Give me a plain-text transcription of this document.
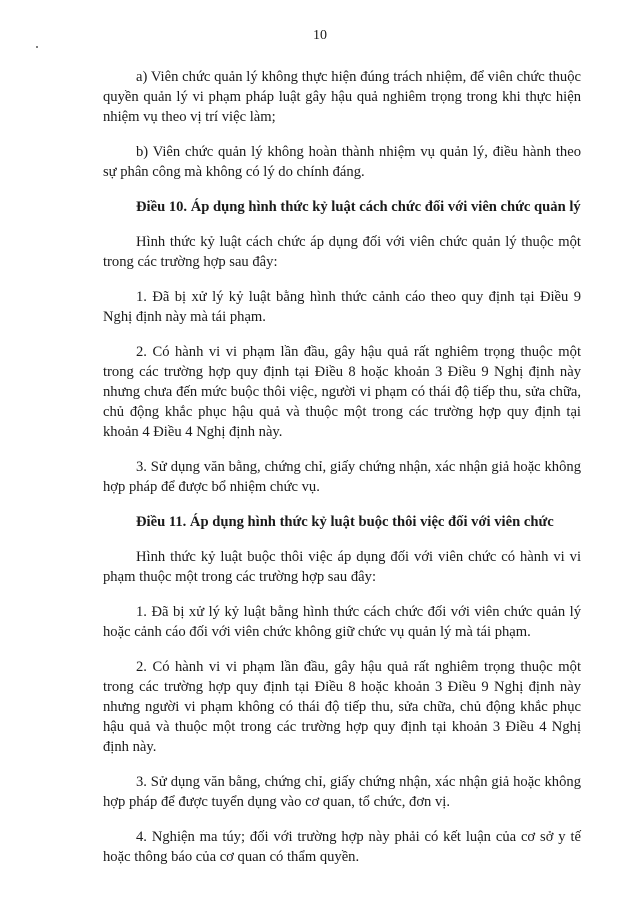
10

a) Viên chức quản lý không thực hiện đúng trách nhiệm, để viên chức thuộc quyền quản lý vi phạm pháp luật gây hậu quả nghiêm trọng trong khi thực hiện nhiệm vụ theo vị trí việc làm;

b) Viên chức quản lý không hoàn thành nhiệm vụ quản lý, điều hành theo sự phân công mà không có lý do chính đáng.

Điều 10. Áp dụng hình thức kỷ luật cách chức đối với viên chức quản lý

Hình thức kỷ luật cách chức áp dụng đối với viên chức quản lý thuộc một trong các trường hợp sau đây:

1. Đã bị xử lý kỷ luật bằng hình thức cảnh cáo theo quy định tại Điều 9 Nghị định này mà tái phạm.

2. Có hành vi vi phạm lần đầu, gây hậu quả rất nghiêm trọng thuộc một trong các trường hợp quy định tại Điều 8 hoặc khoản 3 Điều 9 Nghị định này nhưng chưa đến mức buộc thôi việc, người vi phạm có thái độ tiếp thu, sửa chữa, chủ động khắc phục hậu quả và thuộc một trong các trường hợp quy định tại khoản 4 Điều 4 Nghị định này.

3. Sử dụng văn bằng, chứng chỉ, giấy chứng nhận, xác nhận giả hoặc không hợp pháp để được bổ nhiệm chức vụ.

Điều 11. Áp dụng hình thức kỷ luật buộc thôi việc đối với viên chức

Hình thức kỷ luật buộc thôi việc áp dụng đối với viên chức có hành vi vi phạm thuộc một trong các trường hợp sau đây:

1. Đã bị xử lý kỷ luật bằng hình thức cách chức đối với viên chức quản lý hoặc cảnh cáo đối với viên chức không giữ chức vụ quản lý mà tái phạm.

2. Có hành vi vi phạm lần đầu, gây hậu quả rất nghiêm trọng thuộc một trong các trường hợp quy định tại Điều 8 hoặc khoản 3 Điều 9 Nghị định này nhưng người vi phạm không có thái độ tiếp thu, sửa chữa, chủ động khắc phục hậu quả và thuộc một trong các trường hợp quy định tại khoản 3 Điều 4 Nghị định này.

3. Sử dụng văn bằng, chứng chỉ, giấy chứng nhận, xác nhận giả hoặc không hợp pháp để được tuyển dụng vào cơ quan, tổ chức, đơn vị.

4. Nghiện ma túy; đối với trường hợp này phải có kết luận của cơ sở y tế hoặc thông báo của cơ quan có thẩm quyền.
